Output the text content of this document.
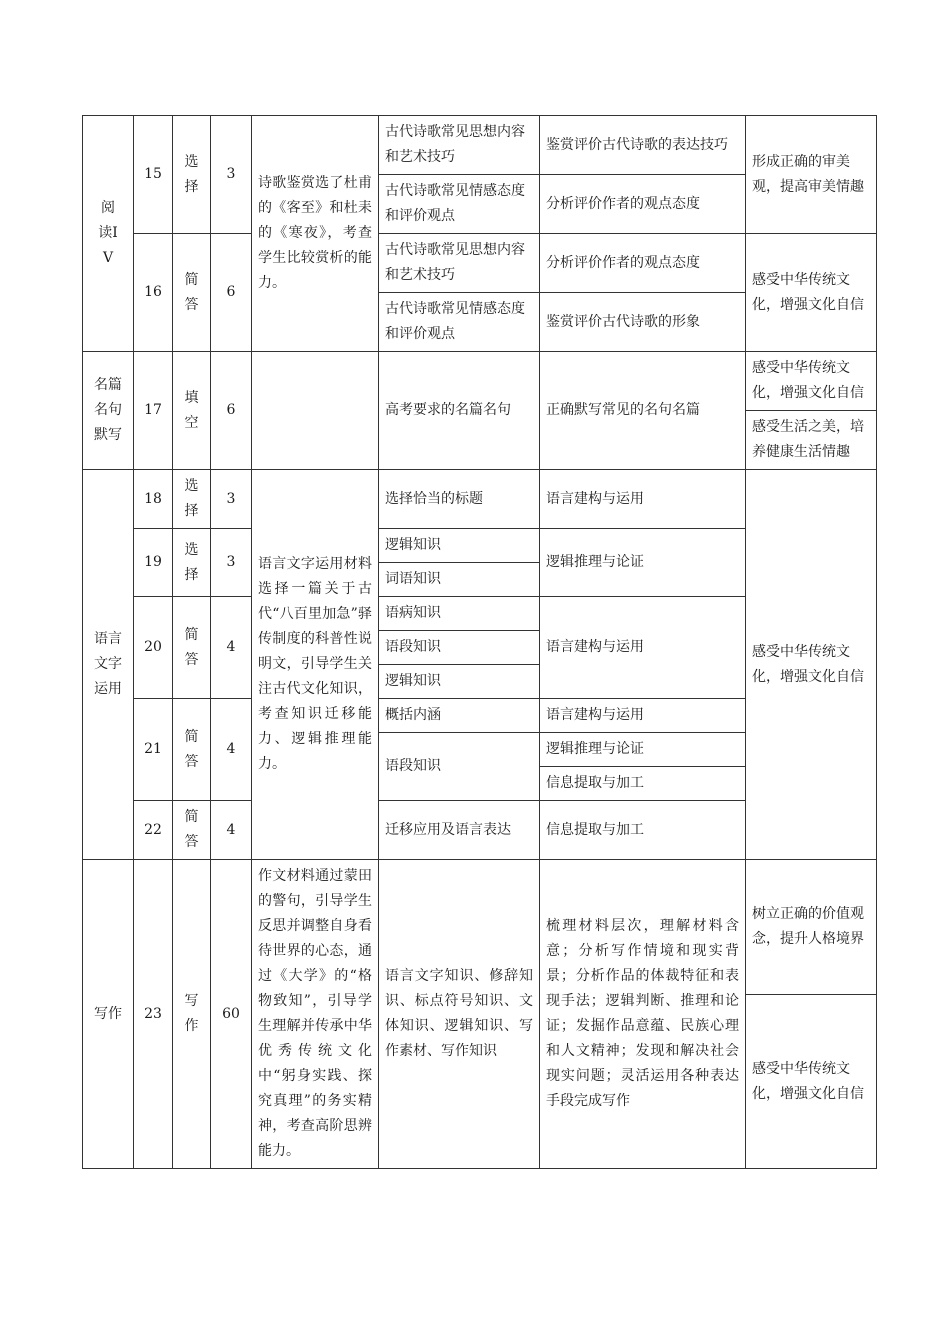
阅读IV	15	选择	3	诗歌鉴赏选了杜甫的《客至》和杜耒的《寒夜》，考查学生比较赏析的能力。	古代诗歌常见思想内容和艺术技巧	鉴赏评价古代诗歌的表达技巧	形成正确的审美观，提高审美情趣
					古代诗歌常见情感态度和评价观点	分析评价作者的观点态度	
	16	简答	6		古代诗歌常见思想内容和艺术技巧	分析评价作者的观点态度	感受中华传统文化，增强文化自信
					古代诗歌常见情感态度和评价观点	鉴赏评价古代诗歌的形象	
名篇名句默写	17	填空	6		高考要求的名篇名句	正确默写常见的名句名篇	感受中华传统文化，增强文化自信
							感受生活之美，培养健康生活情趣
语言文字运用	18	选择	3	语言文字运用材料选择一篇关于古代“八百里加急”驿传制度的科普性说明文，引导学生关注古代文化知识，考查知识迁移能力、逻辑推理能力。	选择恰当的标题	语言建构与运用	感受中华传统文化，增强文化自信
	19	选择	3		逻辑知识	逻辑推理与论证	
					词语知识		
	20	简答	4		语病知识	语言建构与运用	
					语段知识		
					逻辑知识		
	21	简答	4		概括内涵	语言建构与运用	
					语段知识	逻辑推理与论证	
						信息提取与加工	
	22	简答	4		迁移应用及语言表达	信息提取与加工	

写作	23	写作	60	作文材料通过蒙田的警句，引导学生反思并调整自身看待世界的心态，通过《大学》的“格物致知”，引导学生理解并传承中华优秀传统文化中“躬身实践、探究真理”的务实精神，考查高阶思辨能力。	语言文字知识、修辞知识、标点符号知识、文体知识、逻辑知识、写作素材、写作知识	梳理材料层次，理解材料含意；分析写作情境和现实背景；分析作品的体裁特征和表现手法；逻辑判断、推理和论证；发掘作品意蕴、民族心理和人文精神；发现和解决社会现实问题；灵活运用各种表达手段完成写作	树立正确的价值观念，提升人格境界
							感受中华传统文化，增强文化自信
